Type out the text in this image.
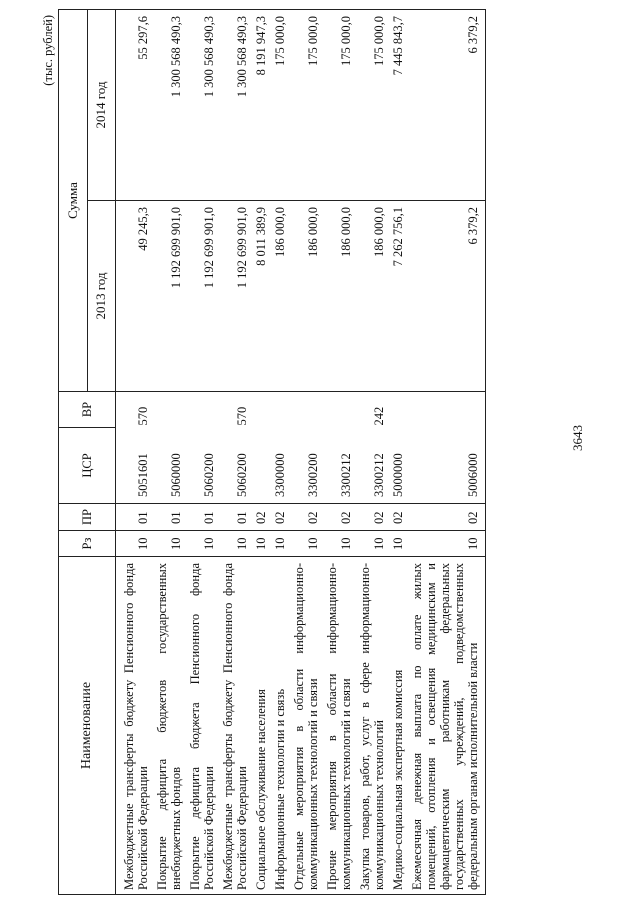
3643
(тыс. рублей)
Наименование	Рз	ПР	ЦСР	ВР	Сумма	
					2013 год	2014 год
Межбюджетные трансферты бюджету Пенсионного фонда Российской Федерации	10	01	5051601	570	49 245,3	55 297,6
Покрытие дефицита бюджетов государственных внебюджетных фондов	10	01	5060000		1 192 699 901,0	1 300 568 490,3
Покрытие дефицита бюджета Пенсионного фонда Российской Федерации	10	01	5060200		1 192 699 901,0	1 300 568 490,3
Межбюджетные трансферты бюджету Пенсионного фонда Российской Федерации	10	01	5060200	570	1 192 699 901,0	1 300 568 490,3
Социальное обслуживание населения	10	02			8 011 389,9	8 191 947,3
Информационные технологии и связь	10	02	3300000		186 000,0	175 000,0
Отдельные мероприятия в области информационно-коммуникационных технологий и связи	10	02	3300200		186 000,0	175 000,0
Прочие мероприятия в области информационно-коммуникационных технологий и связи	10	02	3300212		186 000,0	175 000,0
Закупка товаров, работ, услуг в сфере информационно-коммуникационных технологий	10	02	3300212	242	186 000,0	175 000,0
Медико-социальная экспертная комиссия	10	02	5000000		7 262 756,1	7 445 843,7
Ежемесячная денежная выплата по оплате жилых помещений, отопления и освещения медицинским и фармацевтическим работникам федеральных государственных учреждений, подведомственных федеральным органам исполнительной власти	10	02	5006000		6 379,2	6 379,2
